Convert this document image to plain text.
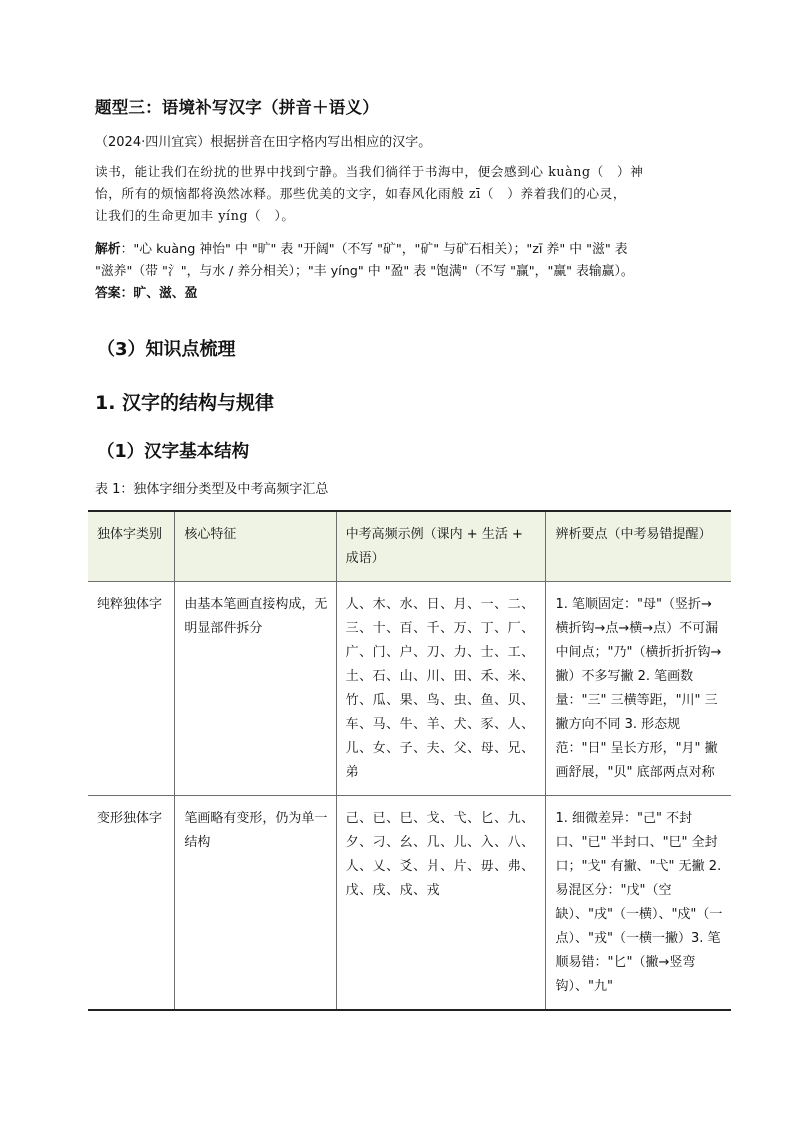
题型三：语境补写汉字（拼音＋语义）
（2024·四川宜宾）根据拼音在田字格内写出相应的汉字。

读书，能让我们在纷扰的世界中找到宁静。当我们徜徉于书海中，便会感到心 kuàng（　）神

怡，所有的烦恼都将涣然冰释。那些优美的文字，如春风化雨般 zī（　）养着我们的心灵，

让我们的生命更加丰 yíng（　）。

解析："心 kuàng 神怡" 中 "旷" 表 "开阔"（不写 "矿"，"矿" 与矿石相关）；"zī 养" 中 "滋" 表

"滋养"（带 "氵"，与水 / 养分相关）；"丰 yíng" 中 "盈" 表 "饱满"（不写 "赢"，"赢" 表输赢）。

答案：旷、滋、盈

（3）知识点梳理
1. 汉字的结构与规律
（1）汉字基本结构
表 1：独体字细分类型及中考高频字汇总
独体字类别	核心特征	中考高频示例（课内 + 生活 + 成语）	辨析要点（中考易错提醒）
纯粹独体字	由基本笔画直接构成，无明显部件拆分	人、木、水、日、月、一、二、三、十、百、千、万、丁、厂、广、门、户、刀、力、士、工、土、石、山、川、田、禾、米、竹、瓜、果、鸟、虫、鱼、贝、车、马、牛、羊、犬、豕、人、儿、女、子、夫、父、母、兄、弟	1. 笔顺固定："母"（竖折→横折钩→点→横→点）不可漏中间点；"乃"（横折折折钩→撇）不多写撇 2. 笔画数量："三" 三横等距，"川" 三撇方向不同 3. 形态规范："日" 呈长方形，"月" 撇画舒展，"贝" 底部两点对称
变形独体字	笔画略有变形，仍为单一结构	己、已、巳、戈、弋、匕、九、夕、刁、幺、几、儿、入、八、人、乂、爻、爿、片、毋、弗、戊、戌、戍、戎	1. 细微差异："己" 不封口、"已" 半封口、"巳" 全封口；"戈" 有撇、"弋" 无撇 2. 易混区分："戊"（空缺）、"戌"（一横）、"戍"（一点）、"戎"（一横一撇）3. 笔顺易错："匕"（撇→竖弯钩）、"九"
